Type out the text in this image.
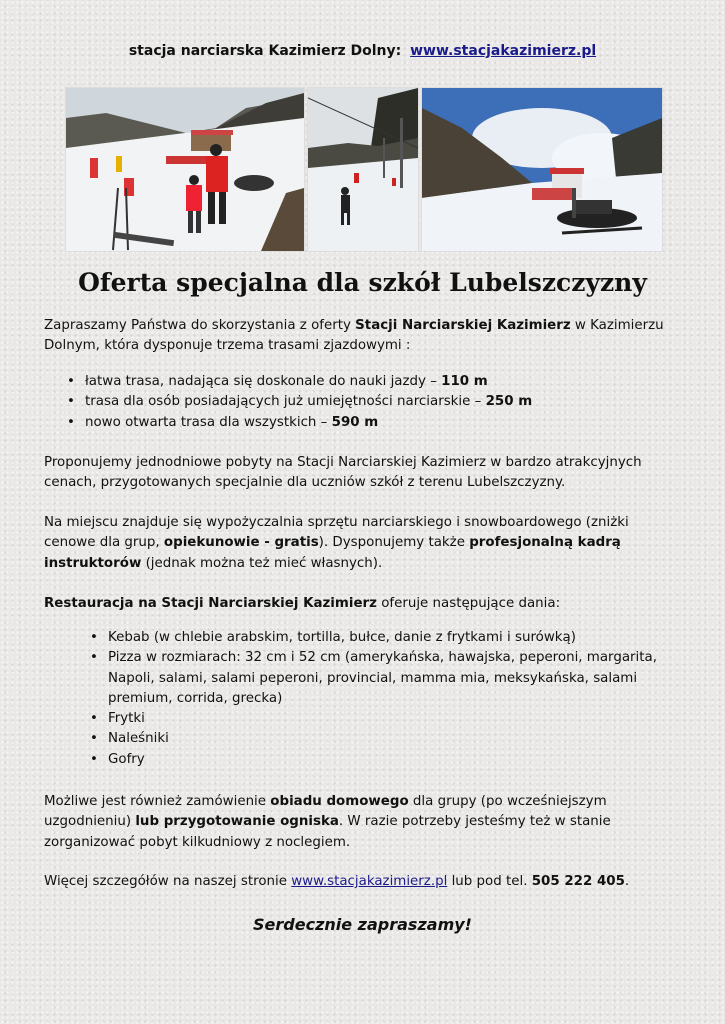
stacja narciarska Kazimierz Dolny: www.stacjakazimierz.pl
Oferta specjalna dla szkół Lubelszczyzny

Zapraszamy Państwa do skorzystania z oferty Stacji Narciarskiej Kazimierz w Kazimierzu Dolnym, która dysponuje trzema trasami zjazdowymi :

• łatwa trasa, nadająca się doskonale do nauki jazdy – 110 m
• trasa dla osób posiadających już umiejętności narciarskie – 250 m
• nowo otwarta trasa dla wszystkich – 590 m

Proponujemy jednodniowe pobyty na Stacji Narciarskiej Kazimierz w bardzo atrakcyjnych cenach, przygotowanych specjalnie dla uczniów szkół z terenu Lubelszczyzny.

Na miejscu znajduje się wypożyczalnia sprzętu narciarskiego i snowboardowego (zniżki cenowe dla grup, opiekunowie - gratis). Dysponujemy także profesjonalną kadrą instruktorów (jednak można też mieć własnych).

Restauracja na Stacji Narciarskiej Kazimierz oferuje następujące dania:

• Kebab (w chlebie arabskim, tortilla, bułce, danie z frytkami i surówką)
• Pizza w rozmiarach: 32 cm i 52 cm (amerykańska, hawajska, peperoni, margarita, Napoli, salami, salami peperoni, provincial, mamma mia, meksykańska, salami premium, corrida, grecka)
• Frytki
• Naleśniki
• Gofry

Możliwe jest również zamówienie obiadu domowego dla grupy (po wcześniejszym uzgodnieniu) lub przygotowanie ogniska. W razie potrzeby jesteśmy też w stanie zorganizować pobyt kilkudniowy z noclegiem.

Więcej szczegółów na naszej stronie www.stacjakazimierz.pl lub pod tel. 505 222 405.

Serdecznie zapraszamy!
